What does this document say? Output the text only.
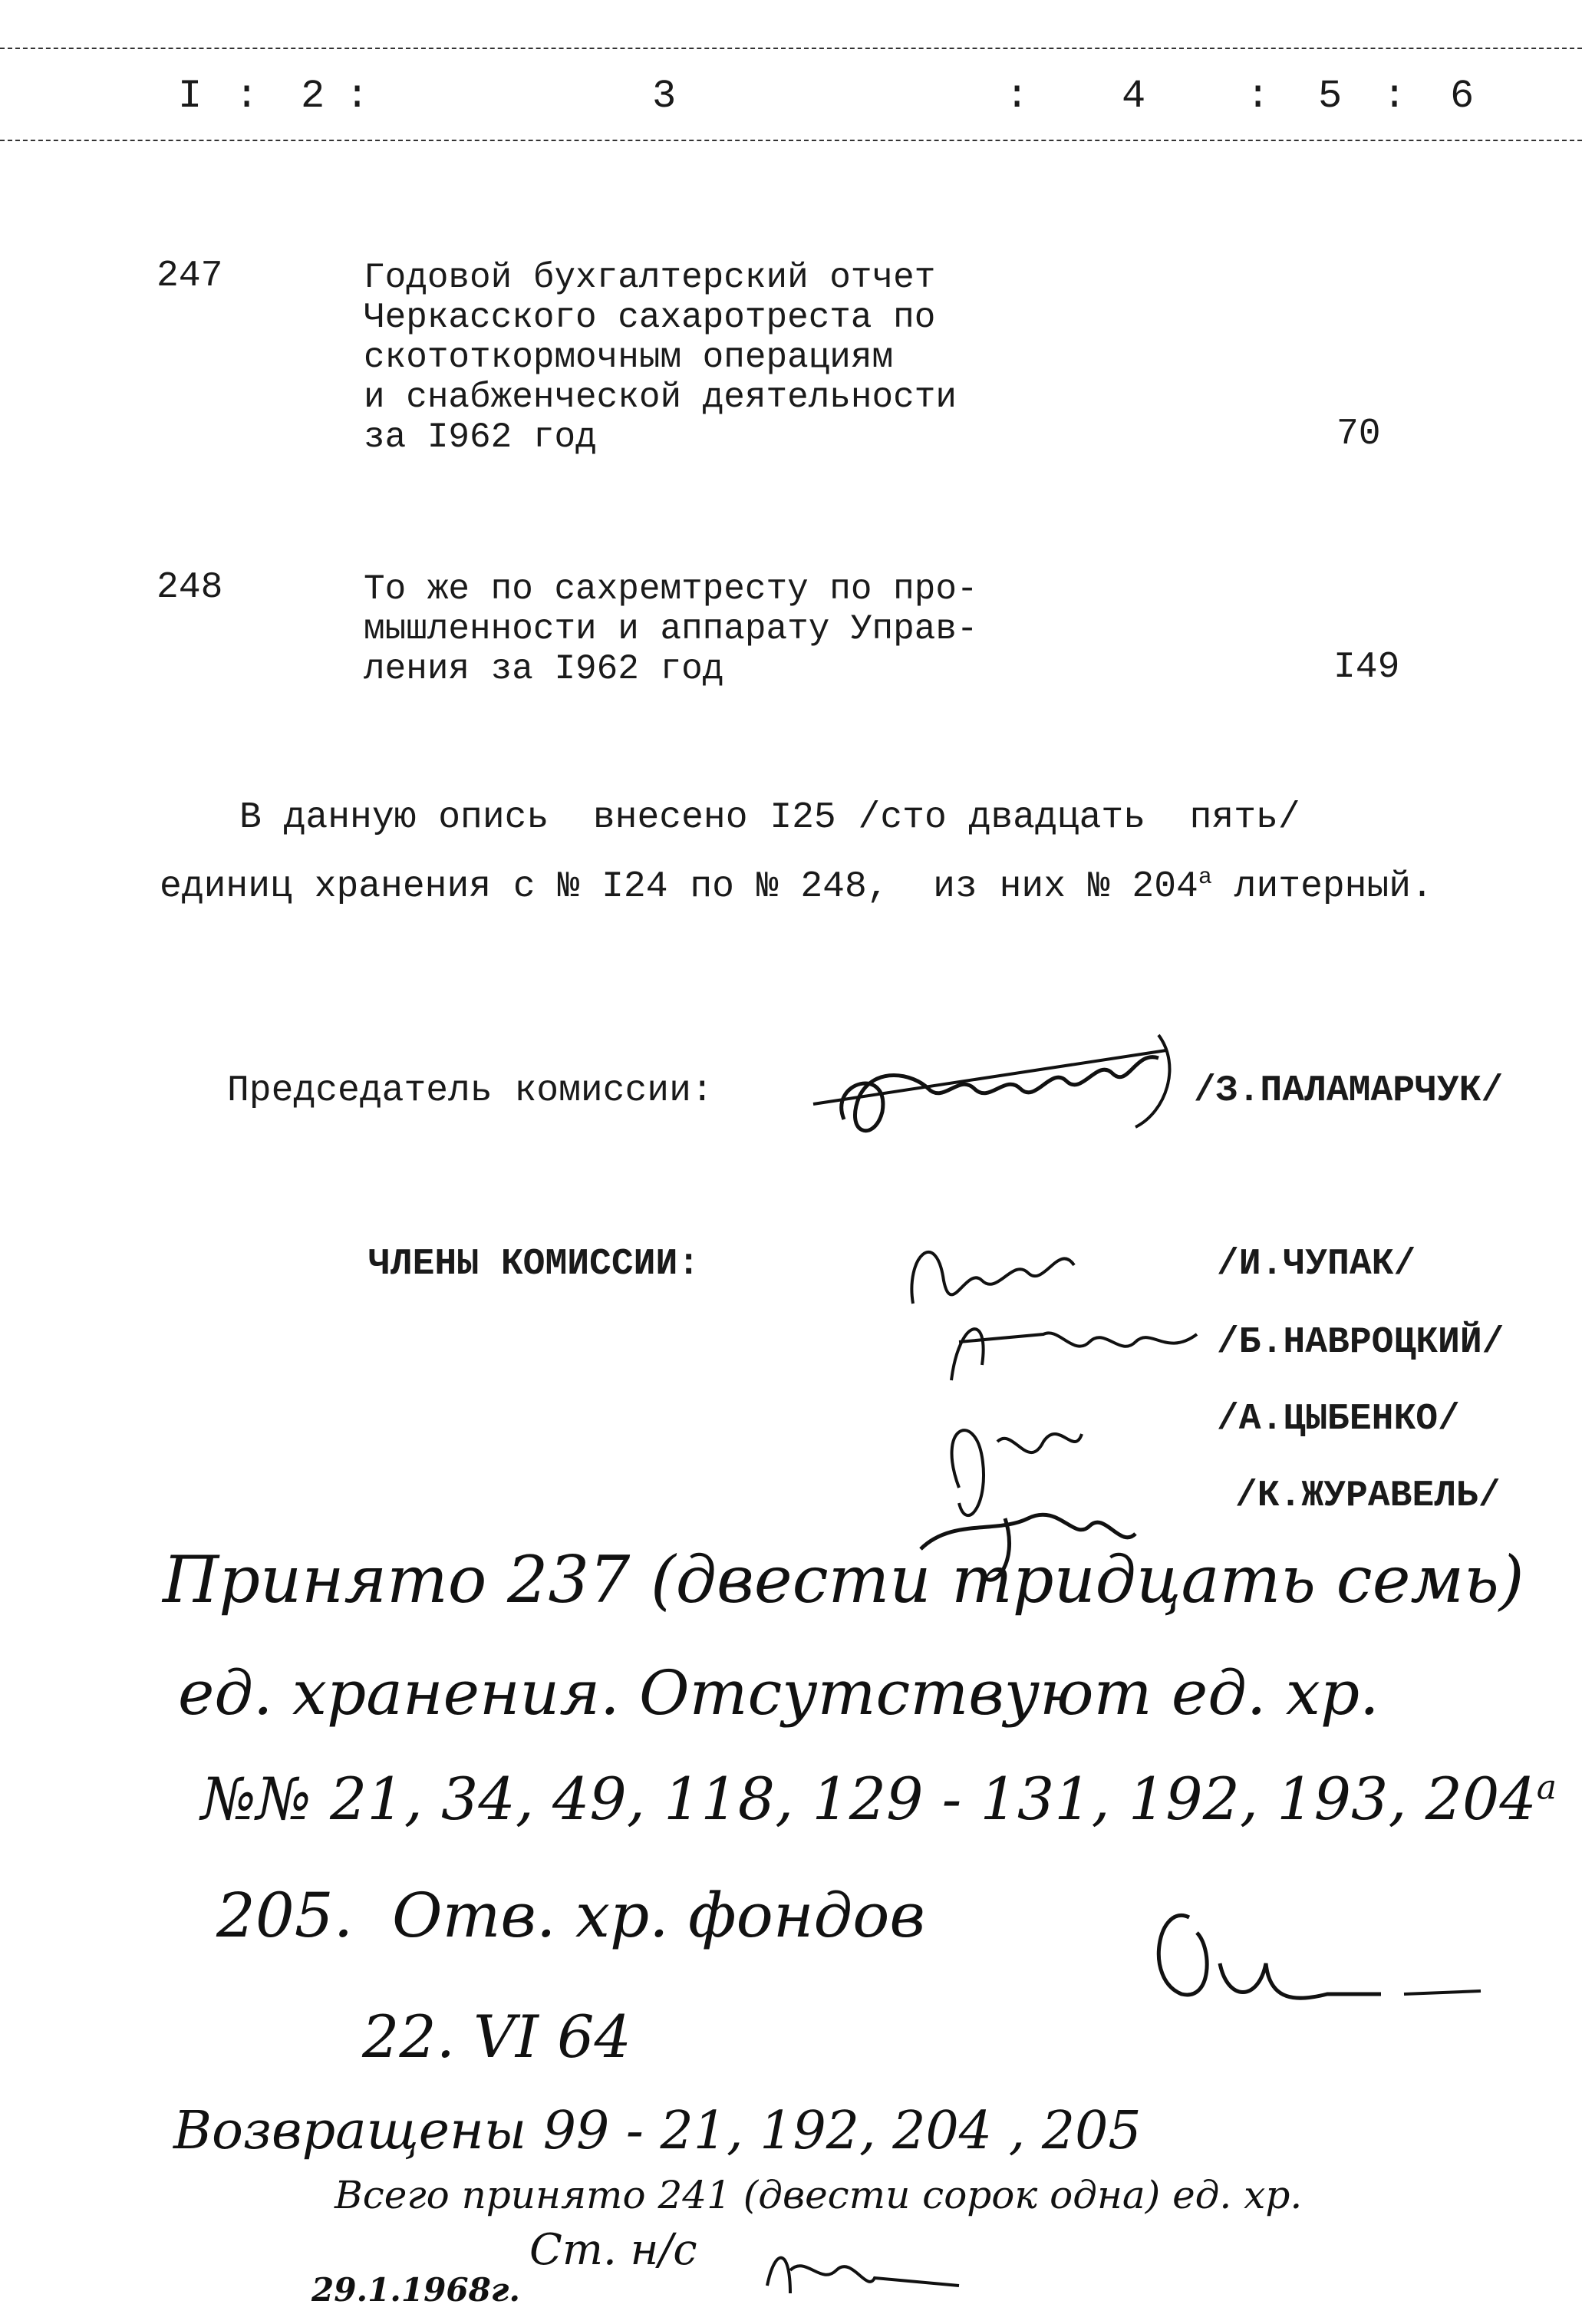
I : 2 :	3	: 4 : 5 : 6
247	Годовой бухгалтерский отчет
Черкасского сахаротреста по
скототкормочным операциям
и снабженческой деятельности
за I962 год	70
248	То же по сахремтресту по про-
мышленности и аппарату Управ-
ления за I962 год	I49
В данную опись  внесено I25 /сто двадцать  пять/
единиц хранения с № I24 по № 248,  из них № $204^а$ литерный.
Председатель комиссии:

	/З.ПАЛАМАРЧУК/
ЧЛЕНЫ КОМИССИИ:	/И.ЧУПАК/
/Б.НАВРОЦКИЙ/
/А.ЦЫБЕНКО/
/К.ЖУРАВЕЛЬ/

Принято 237 (двести тридцать семь)
ед. хранения. Отсутствуют ед. хр.
№№ 21, 34, 49, 118, 129 - 131, 192, 193, $204^а$
205.  Отв. хр. фондов

22. VI 64
Возвращены 99 - 21, 192, 204 , 205
Всего принято 241 (двести сорок одна) ед. хр.
Ст. н/с

29.1.1968г.
